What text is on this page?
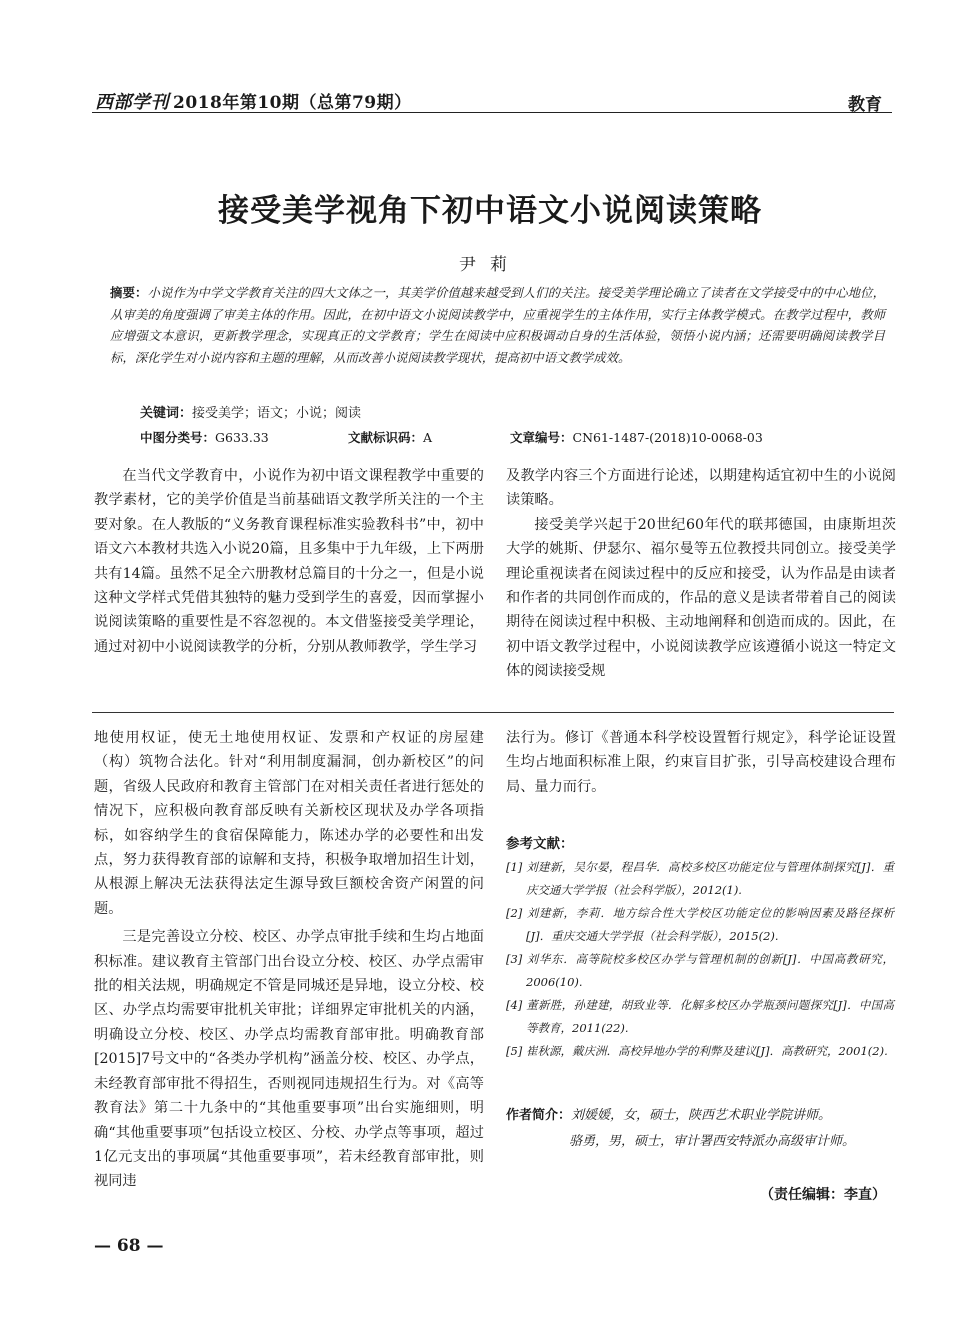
西部学刊 2018年第10期（总第79期）	教育
接受美学视角下初中语文小说阅读策略
尹莉
摘要：小说作为中学文学教育关注的四大文体之一，其美学价值越来越受到人们的关注。接受美学理论确立了读者在文学接受中的中心地位，从审美的角度强调了审美主体的作用。因此，在初中语文小说阅读教学中，应重视学生的主体作用，实行主体教学模式。在教学过程中，教师应增强文本意识，更新教学理念，实现真正的文学教育；学生在阅读中应积极调动自身的生活体验，领悟小说内涵；还需要明确阅读教学目标，深化学生对小说内容和主题的理解，从而改善小说阅读教学现状，提高初中语文教学成效。
关键词：接受美学；语文；小说；阅读
中图分类号：G633.33	文献标识码：A	文章编号：CN61-1487-(2018)10-0068-03

在当代文学教育中，小说作为初中语文课程教学中重要的教学素材，它的美学价值是当前基础语文教学所关注的一个主要对象。在人教版的“义务教育课程标准实验教科书”中，初中语文六本教材共选入小说20篇，且多集中于九年级，上下两册共有14篇。虽然不足全六册教材总篇目的十分之一，但是小说这种文学样式凭借其独特的魅力受到学生的喜爱，因而掌握小说阅读策略的重要性是不容忽视的。本文借鉴接受美学理论，通过对初中小说阅读教学的分析，分别从教师教学，学生学习

及教学内容三个方面进行论述，以期建构适宜初中生的小说阅读策略。

接受美学兴起于20世纪60年代的联邦德国，由康斯坦茨大学的姚斯、伊瑟尔、福尔曼等五位教授共同创立。接受美学理论重视读者在阅读过程中的反应和接受，认为作品是由读者和作者的共同创作而成的，作品的意义是读者带着自己的阅读期待在阅读过程中积极、主动地阐释和创造而成的。因此，在初中语文教学过程中，小说阅读教学应该遵循小说这一特定文体的阅读接受规

地使用权证，使无土地使用权证、发票和产权证的房屋建（构）筑物合法化。针对“利用制度漏洞，创办新校区”的问题，省级人民政府和教育主管部门在对相关责任者进行惩处的情况下，应积极向教育部反映有关新校区现状及办学各项指标，如容纳学生的食宿保障能力，陈述办学的必要性和出发点，努力获得教育部的谅解和支持，积极争取增加招生计划，从根源上解决无法获得法定生源导致巨额校舍资产闲置的问题。

三是完善设立分校、校区、办学点审批手续和生均占地面积标准。建议教育主管部门出台设立分校、校区、办学点需审批的相关法规，明确规定不管是同城还是异地，设立分校、校区、办学点均需要审批机关审批；详细界定审批机关的内涵，明确设立分校、校区、办学点均需教育部审批。明确教育部[2015]7号文中的“各类办学机构”涵盖分校、校区、办学点，未经教育部审批不得招生，否则视同违规招生行为。对《高等教育法》第二十九条中的“其他重要事项”出台实施细则，明确“其他重要事项”包括设立校区、分校、办学点等事项，超过1亿元支出的事项属“其他重要事项”，若未经教育部审批，则视同违

法行为。修订《普通本科学校设置暂行规定》，科学论证设置生均占地面积标准上限，约束盲目扩张，引导高校建设合理布局、量力而行。

参考文献：
[1] 刘建新，吴尔晏，程昌华．高校多校区功能定位与管理体制探究[J]．重庆交通大学学报（社会科学版），2012(1).
[2] 刘建新，李莉．地方综合性大学校区功能定位的影响因素及路径探析[J]．重庆交通大学学报（社会科学版），2015(2).
[3] 刘华东．高等院校多校区办学与管理机制的创新[J]．中国高教研究，2006(10).
[4] 董新胜，孙建建，胡致业等．化解多校区办学瓶颈问题探究[J]．中国高等教育，2011(22).
[5] 崔秋源，戴庆洲．高校异地办学的利弊及建议[J]．高教研究，2001(2).
作者简介：刘媛媛，女，硕士，陕西艺术职业学院讲师。
骆勇，男，硕士，审计署西安特派办高级审计师。
（责任编辑：李直）
— 68 —
